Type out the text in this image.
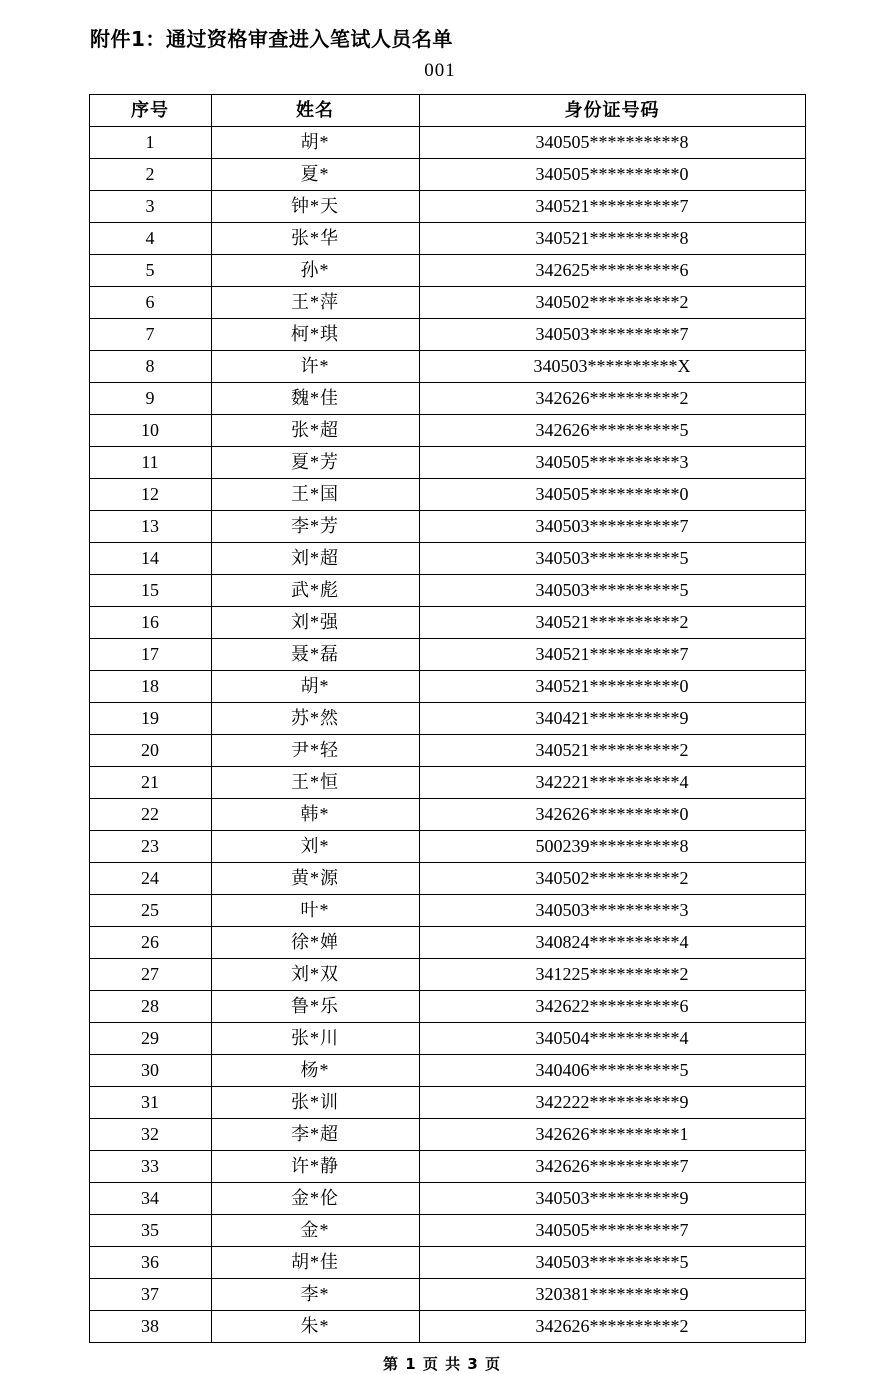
附件1：通过资格审查进入笔试人员名单
001
序号	姓名	身份证号码
1	胡*	340505**********8
2	夏*	340505**********0
3	钟*天	340521**********7
4	张*华	340521**********8
5	孙*	342625**********6
6	王*萍	340502**********2
7	柯*琪	340503**********7
8	许*	340503**********X
9	魏*佳	342626**********2
10	张*超	342626**********5
11	夏*芳	340505**********3
12	王*国	340505**********0
13	李*芳	340503**********7
14	刘*超	340503**********5
15	武*彪	340503**********5
16	刘*强	340521**********2
17	聂*磊	340521**********7
18	胡*	340521**********0
19	苏*然	340421**********9
20	尹*轻	340521**********2
21	王*恒	342221**********4
22	韩*	342626**********0
23	刘*	500239**********8
24	黄*源	340502**********2
25	叶*	340503**********3
26	徐*婵	340824**********4
27	刘*双	341225**********2
28	鲁*乐	342622**********6
29	张*川	340504**********4
30	杨*	340406**********5
31	张*训	342222**********9
32	李*超	342626**********1
33	许*静	342626**********7
34	金*伦	340503**********9
35	金*	340505**********7
36	胡*佳	340503**********5
37	李*	320381**********9
38	朱*	342626**********2
第 1 页 共 3 页
